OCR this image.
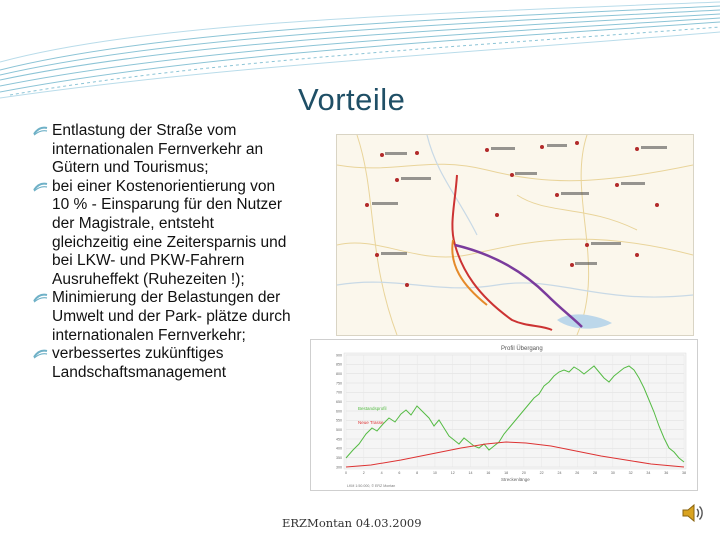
Vorteile
Entlastung der Straße vom internationalen Fernverkehr an Gütern und Tourismus;
bei einer Kostenorientierung von 10 % - Einsparung für den Nutzer der Magistrale, entsteht gleichzeitig eine Zeitersparnis und bei LKW- und PKW-Fahrern Ausruheffekt (Ruhezeiten !);
Minimierung der Belastungen der Umwelt und der Park- plätze durch internationalen Fernverkehr;
verbessertes zukünftiges Landschaftsmanagement
Profil Übergang
900
850
800
750
700
650
600
550
500
450
400
350
300
0	2	4	6	8	10	12	14	16	18	20	22	24	26	28	30	32	34	36	38
Bestandsprofil
Neue Trasse
Streckenlänge
LKM 1:50.000, © ERZ Montan
ERZMontan 04.03.2009
